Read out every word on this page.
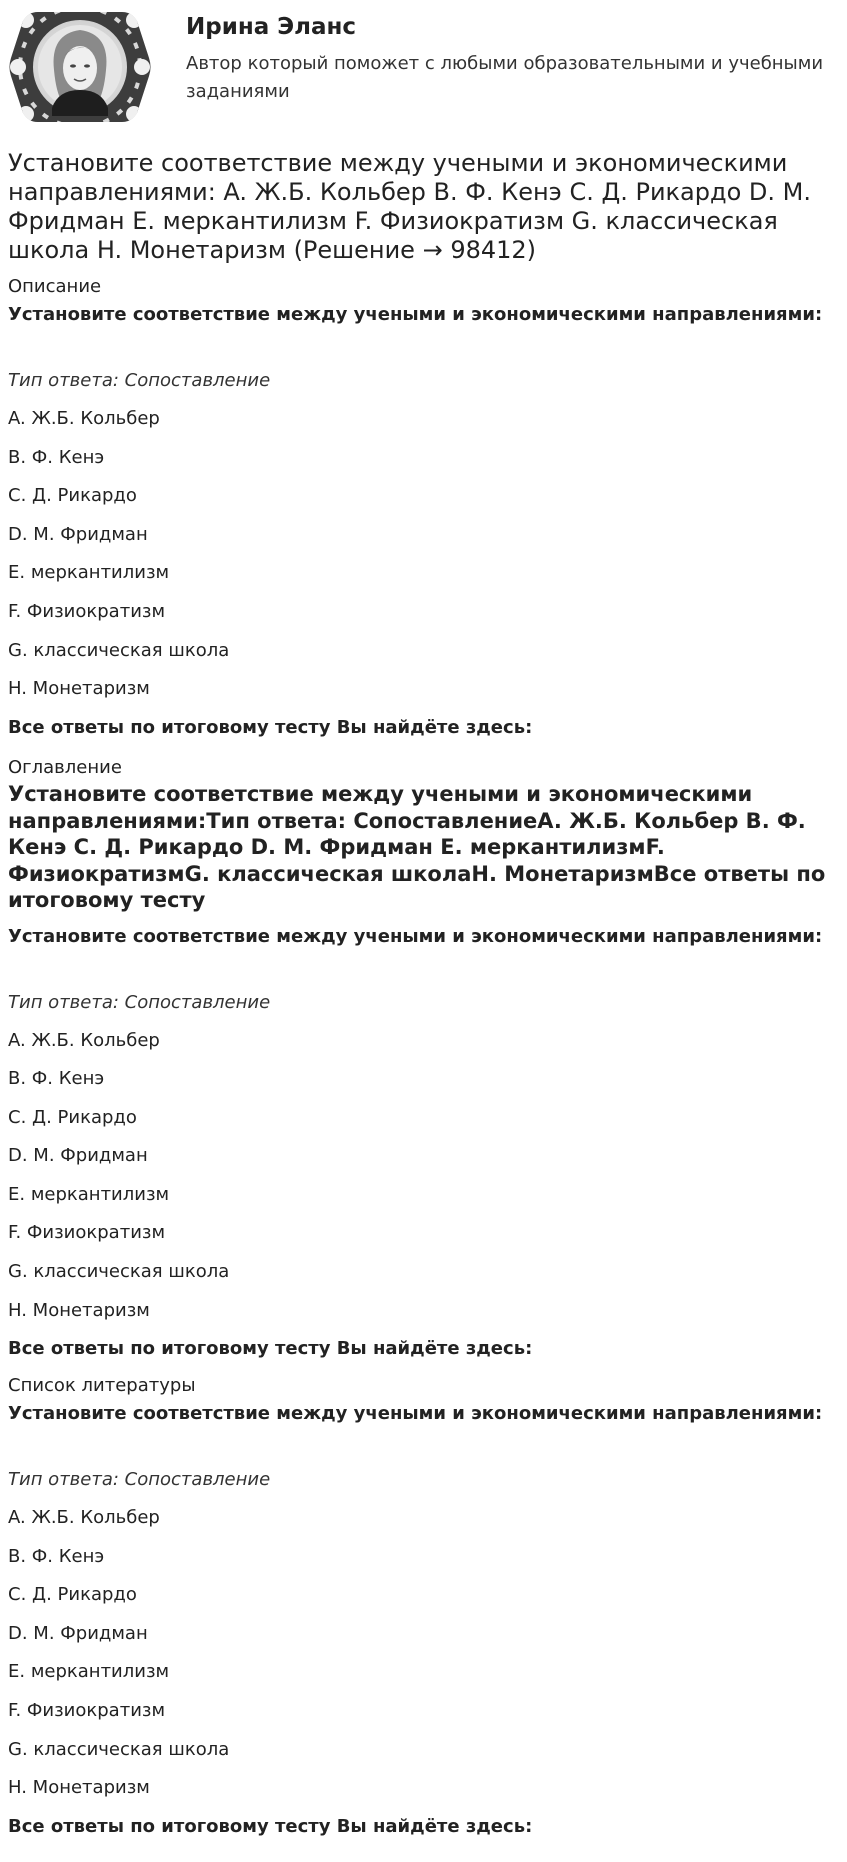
Ирина Эланс
Автор который поможет с любыми образовательными и учебными заданиями
Установите соответствие между учеными и экономическими направлениями: A. Ж.Б. Кольбер B. Ф. Кенэ C. Д. Рикардо D. М. Фридман E. меркантилизм F. Физиократизм G. классическая школа H. Монетаризм (Решение → 98412)
Описание
Установите соответствие между учеными и экономическими направлениями:
Тип ответа: Сопоставление
A. Ж.Б. Кольбер
B. Ф. Кенэ
C. Д. Рикардо
D. М. Фридман
E. меркантилизм
F. Физиократизм
G. классическая школа
H. Монетаризм
Все ответы по итоговому тесту Вы найдёте здесь:
Оглавление
Установите соответствие между учеными и экономическими направлениями:Тип ответа: СопоставлениеA. Ж.Б. Кольбер B. Ф. Кенэ C. Д. Рикардо D. М. Фридман E. меркантилизмF. ФизиократизмG. классическая школаH. МонетаризмВсе ответы по итоговому тесту
Установите соответствие между учеными и экономическими направлениями:
Тип ответа: Сопоставление
A. Ж.Б. Кольбер
B. Ф. Кенэ
C. Д. Рикардо
D. М. Фридман
E. меркантилизм
F. Физиократизм
G. классическая школа
H. Монетаризм
Все ответы по итоговому тесту Вы найдёте здесь:
Список литературы
Установите соответствие между учеными и экономическими направлениями:
Тип ответа: Сопоставление
A. Ж.Б. Кольбер
B. Ф. Кенэ
C. Д. Рикардо
D. М. Фридман
E. меркантилизм
F. Физиократизм
G. классическая школа
H. Монетаризм
Все ответы по итоговому тесту Вы найдёте здесь:
